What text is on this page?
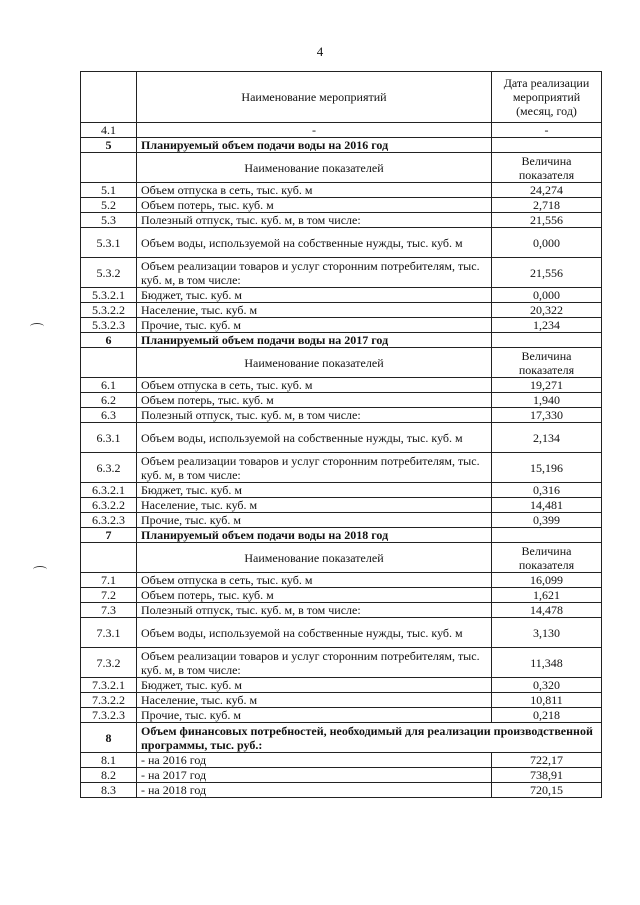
4
	Наименование мероприятий	Дата реализации мероприятий (месяц, год)
4.1	-	-
5	Планируемый объем подачи воды на 2016 год	
	Наименование показателей	Величина показателя
5.1	Объем отпуска в сеть, тыс. куб. м	24,274
5.2	Объем потерь, тыс. куб. м	2,718
5.3	Полезный отпуск, тыс. куб. м, в том числе:	21,556
5.3.1	Объем воды, используемой на собственные нужды, тыс. куб. м	0,000
5.3.2	Объем реализации товаров и услуг сторонним потребителям, тыс. куб. м, в том числе:	21,556
5.3.2.1	Бюджет, тыс. куб. м	0,000
5.3.2.2	Население, тыс. куб. м	20,322
5.3.2.3	Прочие, тыс. куб. м	1,234
6	Планируемый объем подачи воды на 2017 год	
	Наименование показателей	Величина показателя
6.1	Объем отпуска в сеть, тыс. куб. м	19,271
6.2	Объем потерь, тыс. куб. м	1,940
6.3	Полезный отпуск, тыс. куб. м, в том числе:	17,330
6.3.1	Объем воды, используемой на собственные нужды, тыс. куб. м	2,134
6.3.2	Объем реализации товаров и услуг сторонним потребителям, тыс. куб. м, в том числе:	15,196
6.3.2.1	Бюджет, тыс. куб. м	0,316
6.3.2.2	Население, тыс. куб. м	14,481
6.3.2.3	Прочие, тыс. куб. м	0,399
7	Планируемый объем подачи воды на 2018 год	
	Наименование показателей	Величина показателя
7.1	Объем отпуска в сеть, тыс. куб. м	16,099
7.2	Объем потерь, тыс. куб. м	1,621
7.3	Полезный отпуск, тыс. куб. м, в том числе:	14,478
7.3.1	Объем воды, используемой на собственные нужды, тыс. куб. м	3,130
7.3.2	Объем реализации товаров и услуг сторонним потребителям, тыс. куб. м, в том числе:	11,348
7.3.2.1	Бюджет, тыс. куб. м	0,320
7.3.2.2	Население, тыс. куб. м	10,811
7.3.2.3	Прочие, тыс. куб. м	0,218
8	Объем финансовых потребностей, необходимый для реализации производственной программы, тыс. руб.:	
8.1	- на 2016 год	722,17
8.2	- на 2017 год	738,91
8.3	- на 2018 год	720,15
